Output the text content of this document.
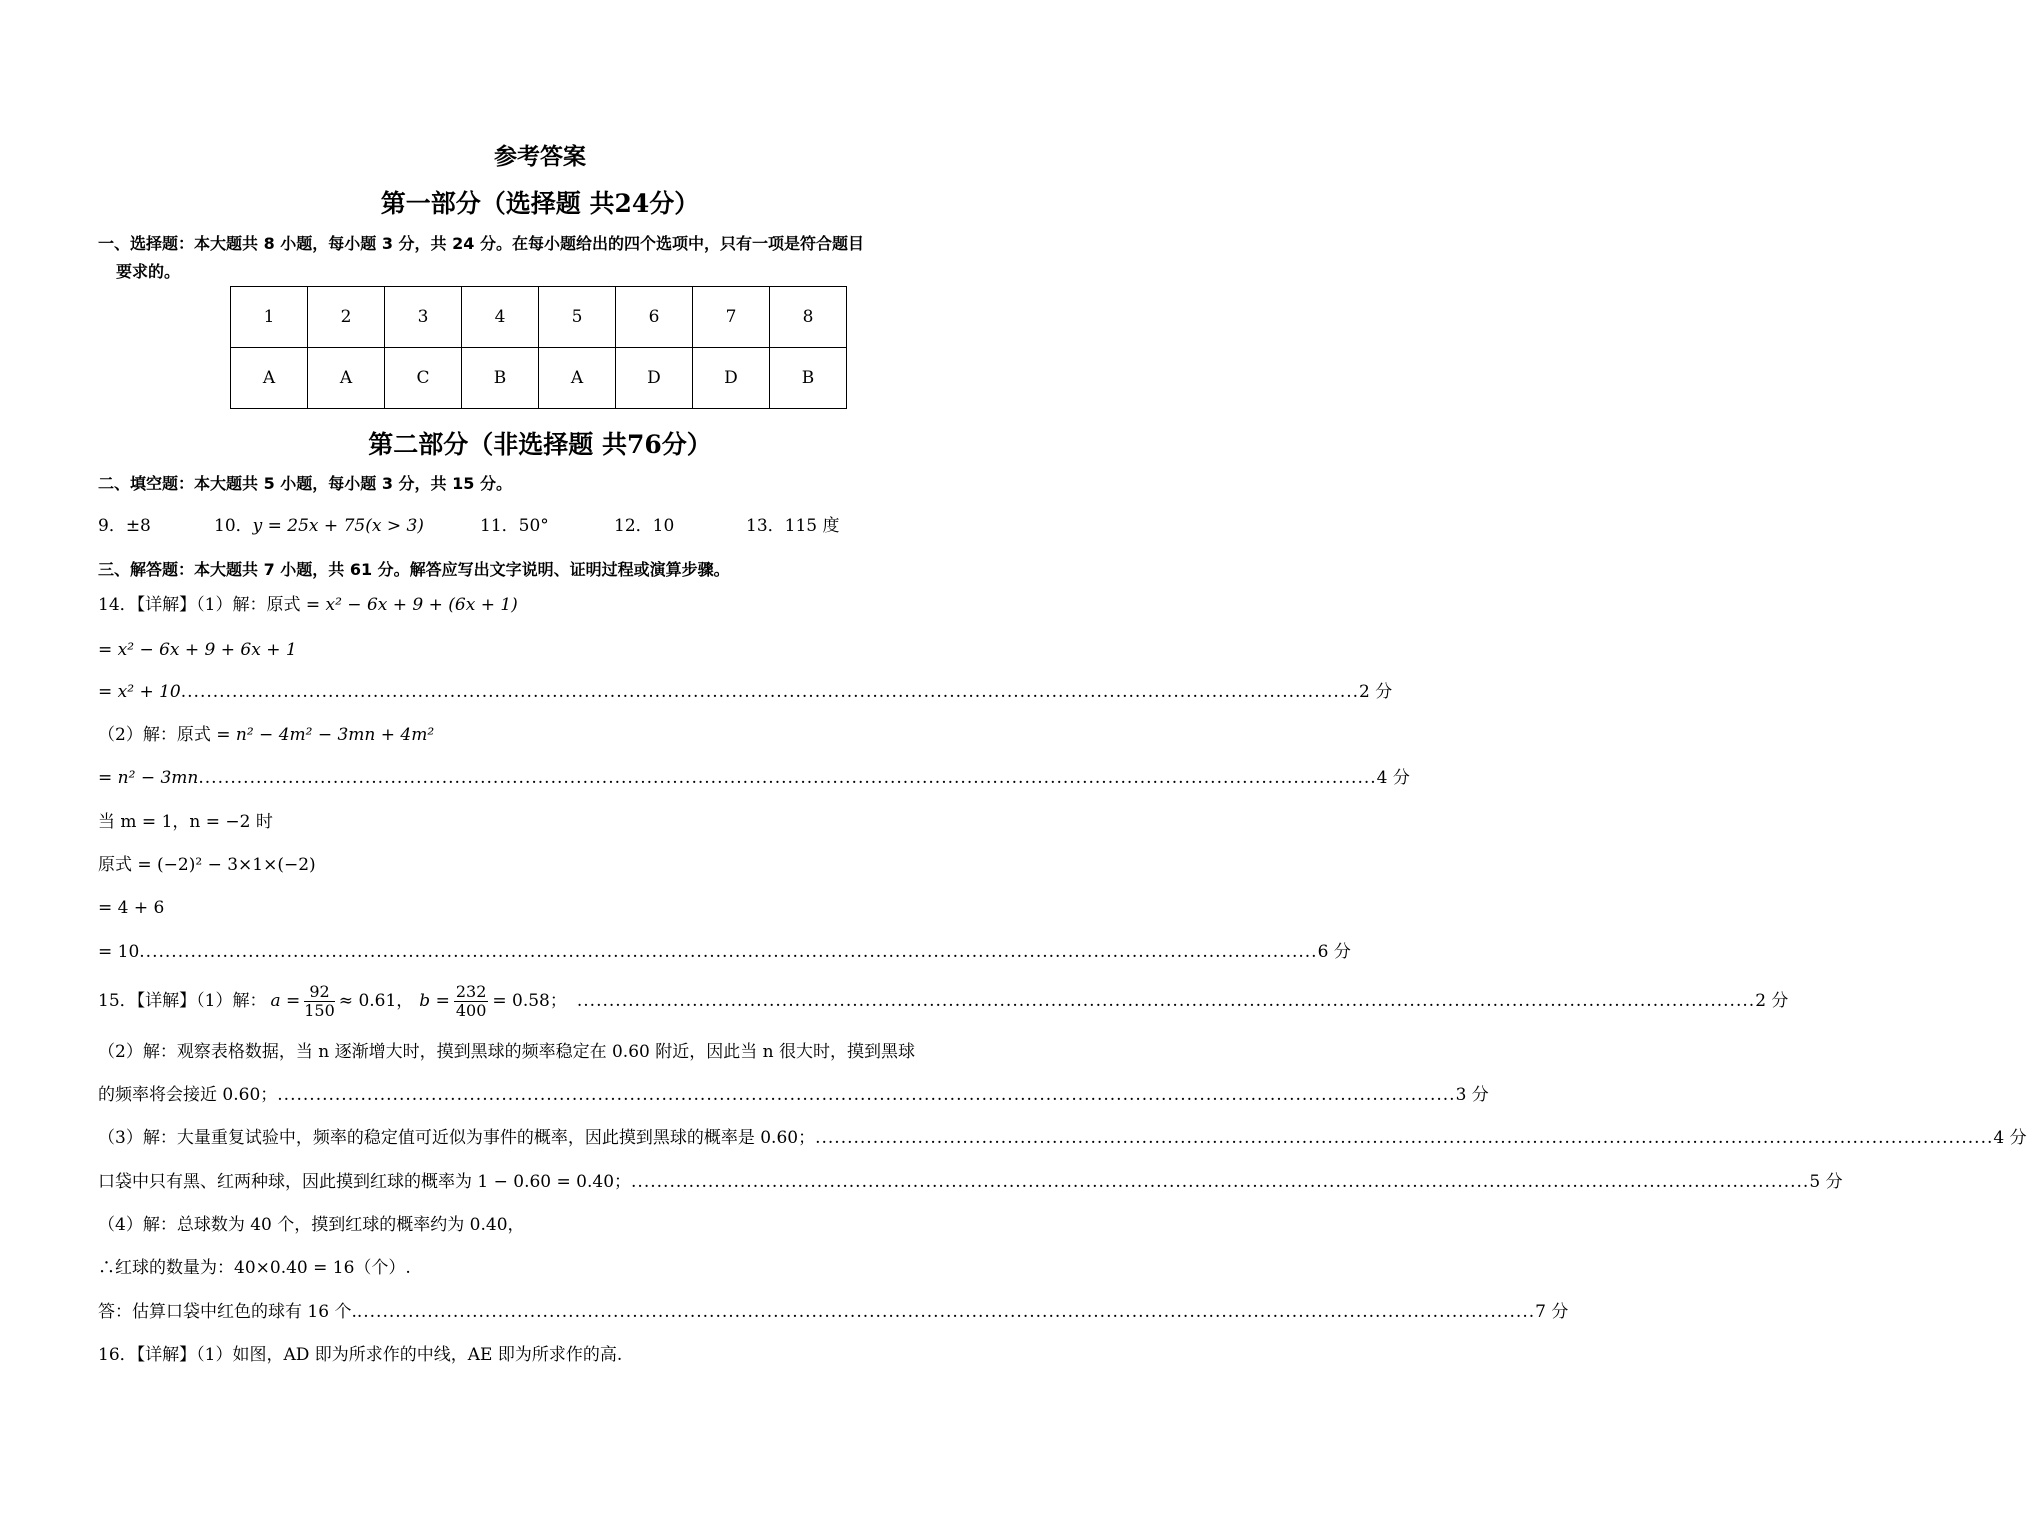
参考答案
第一部分（选择题 共24分）
一、选择题：本大题共 8 小题，每小题 3 分，共 24 分。在每小题给出的四个选项中，只有一项是符合题目
要求的。
1	2	3	4	5	6	7	8
A	A	C	B	A	D	D	B
第二部分（非选择题 共76分）
二、填空题：本大题共 5 小题，每小题 3 分，共 15 分。
9．±8	10．y = 25x + 75(x > 3)	11．50°	12．10	13．115 度
三、解答题：本大题共 7 小题，共 61 分。解答应写出文字说明、证明过程或演算步骤。
14．【详解】（1）解：原式 = x² − 6x + 9 + (6x + 1)
= x² − 6x + 9 + 6x + 1
= x² + 10 ........................................................................................................................................................................................ 2 分
（2）解：原式 = n² − 4m² − 3mn + 4m²
= n² − 3mn ........................................................................................................................................................................................ 4 分
当 m = 1，n = −2 时
原式 = (−2)² − 3×1×(−2)
= 4 + 6
= 10 ........................................................................................................................................................................................ 6 分
15．【详解】（1）解： $a = \frac{92}{150} \approx 0.61$， $b = \frac{232}{400} = 0.58$； ........................................................................................................................................................................................ 2 分
（2）解：观察表格数据，当 n 逐渐增大时，摸到黑球的频率稳定在 0.60 附近，因此当 n 很大时，摸到黑球
的频率将会接近 0.60； ........................................................................................................................................................................................ 3 分
（3）解：大量重复试验中，频率的稳定值可近似为事件的概率，因此摸到黑球的概率是 0.60； ........................................................................................................................................................................................ 4 分
口袋中只有黑、红两种球，因此摸到红球的概率为 1 − 0.60 = 0.40； ........................................................................................................................................................................................ 5 分
（4）解：总球数为 40 个，摸到红球的概率约为 0.40，
∴红球的数量为：40×0.40 = 16（个）.
答：估算口袋中红色的球有 16 个. ........................................................................................................................................................................................ 7 分
16．【详解】（1）如图，AD 即为所求作的中线，AE 即为所求作的高.
